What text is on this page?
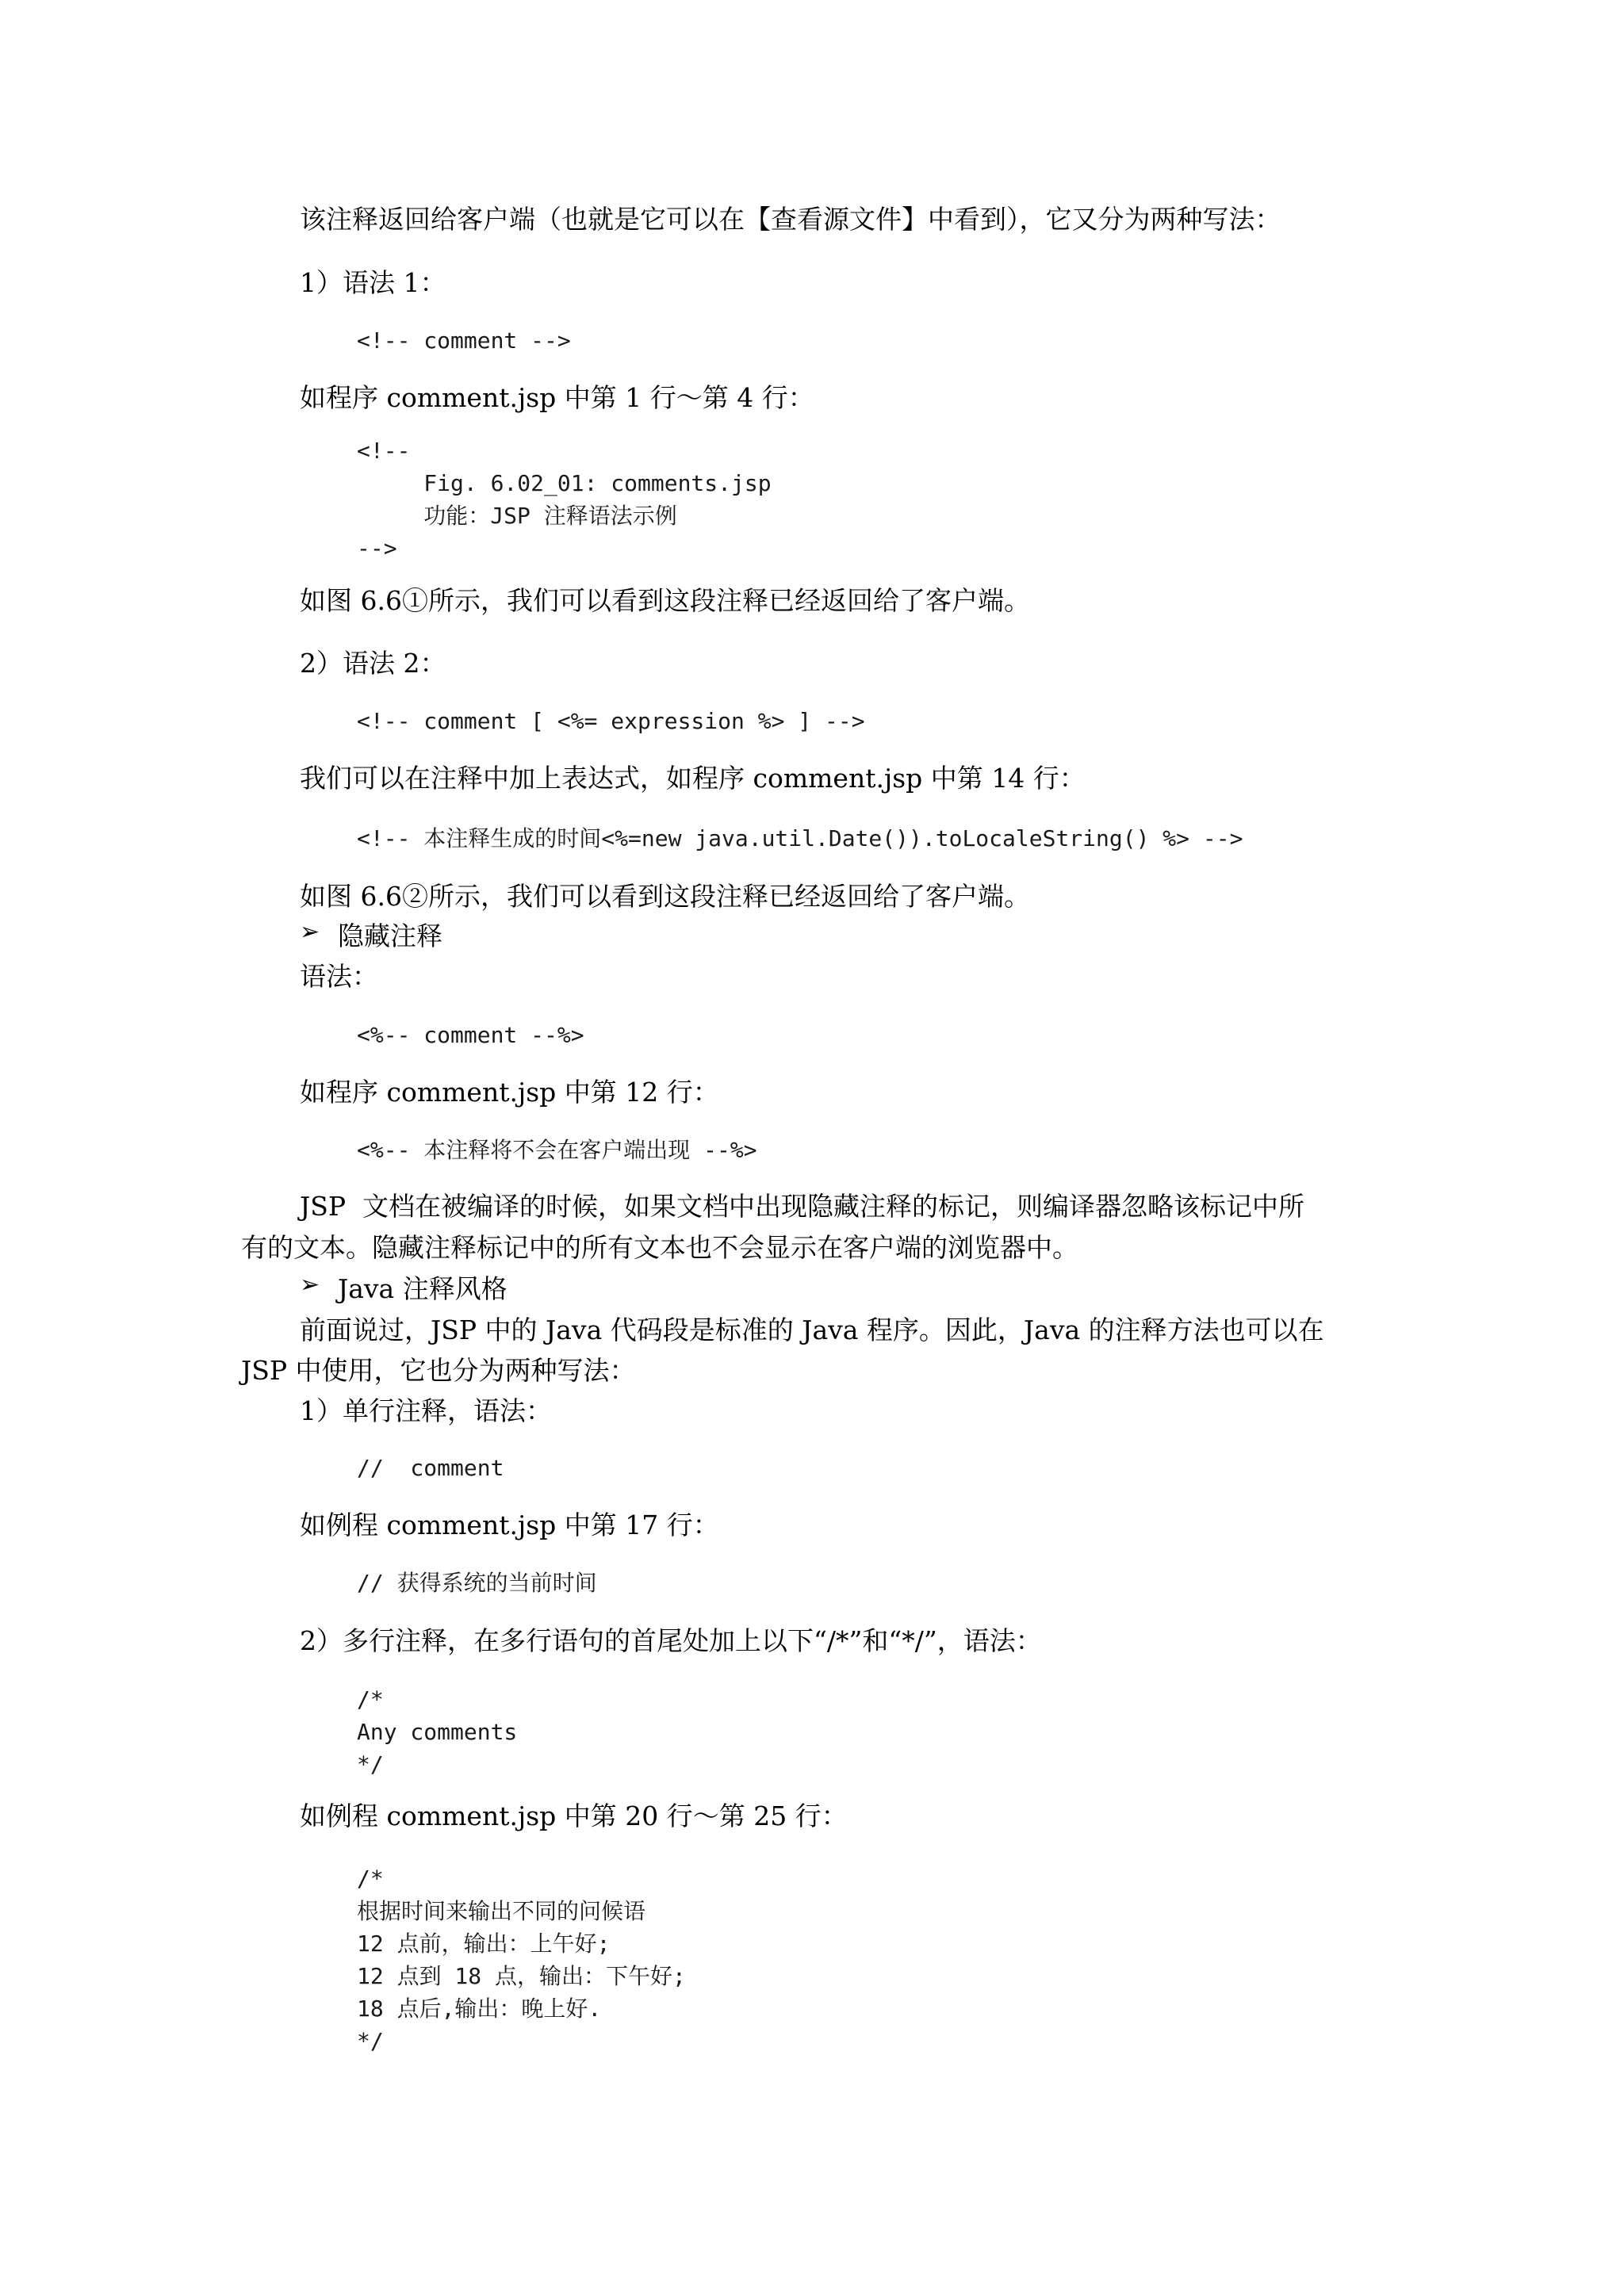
该注释返回给客户端（也就是它可以在【查看源文件】中看到），它又分为两种写法：
1）语法 1：
<!-- comment -->
如程序 comment.jsp 中第 1 行～第 4 行：
<!--
Fig. 6.02_01: comments.jsp
功能：JSP 注释语法示例
-->
如图 6.6①所示，我们可以看到这段注释已经返回给了客户端。
2）语法 2：
<!-- comment [ <%= expression %> ] -->
我们可以在注释中加上表达式，如程序 comment.jsp 中第 14 行：
<!-- 本注释生成的时间<%=new java.util.Date()).toLocaleString() %> -->
如图 6.6②所示，我们可以看到这段注释已经返回给了客户端。
➢ 隐藏注释
语法：
<%-- comment --%>
如程序 comment.jsp 中第 12 行：
<%-- 本注释将不会在客户端出现 --%>
JSP  文档在被编译的时候，如果文档中出现隐藏注释的标记，则编译器忽略该标记中所
有的文本。隐藏注释标记中的所有文本也不会显示在客户端的浏览器中。
➢ Java 注释风格
前面说过，JSP 中的 Java 代码段是标准的 Java 程序。因此，Java 的注释方法也可以在
JSP 中使用，它也分为两种写法：
1）单行注释，语法：
//  comment
如例程 comment.jsp 中第 17 行：
// 获得系统的当前时间
2）多行注释，在多行语句的首尾处加上以下“/*”和“*/”，语法：
/*
Any comments
*/
如例程 comment.jsp 中第 20 行～第 25 行：
/*
根据时间来输出不同的问候语
12 点前，输出：上午好;
12 点到 18 点，输出：下午好;
18 点后,输出：晚上好.
*/
